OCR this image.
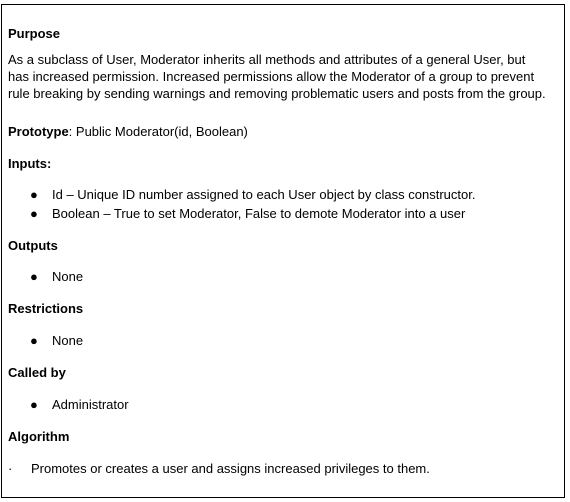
Purpose
As a subclass of User, Moderator inherits all methods and attributes of a general User, but
has increased permission. Increased permissions allow the Moderator of a group to prevent
rule breaking by sending warnings and removing problematic users and posts from the group.
Prototype: Public Moderator(id, Boolean)
Inputs:
●Id – Unique ID number assigned to each User object by class constructor.
● Boolean – True to set Moderator, False to demote Moderator into a user
Outputs
● None
Restrictions
● None
Called by
● Administrator
Algorithm
· Promotes or creates a user and assigns increased privileges to them.
